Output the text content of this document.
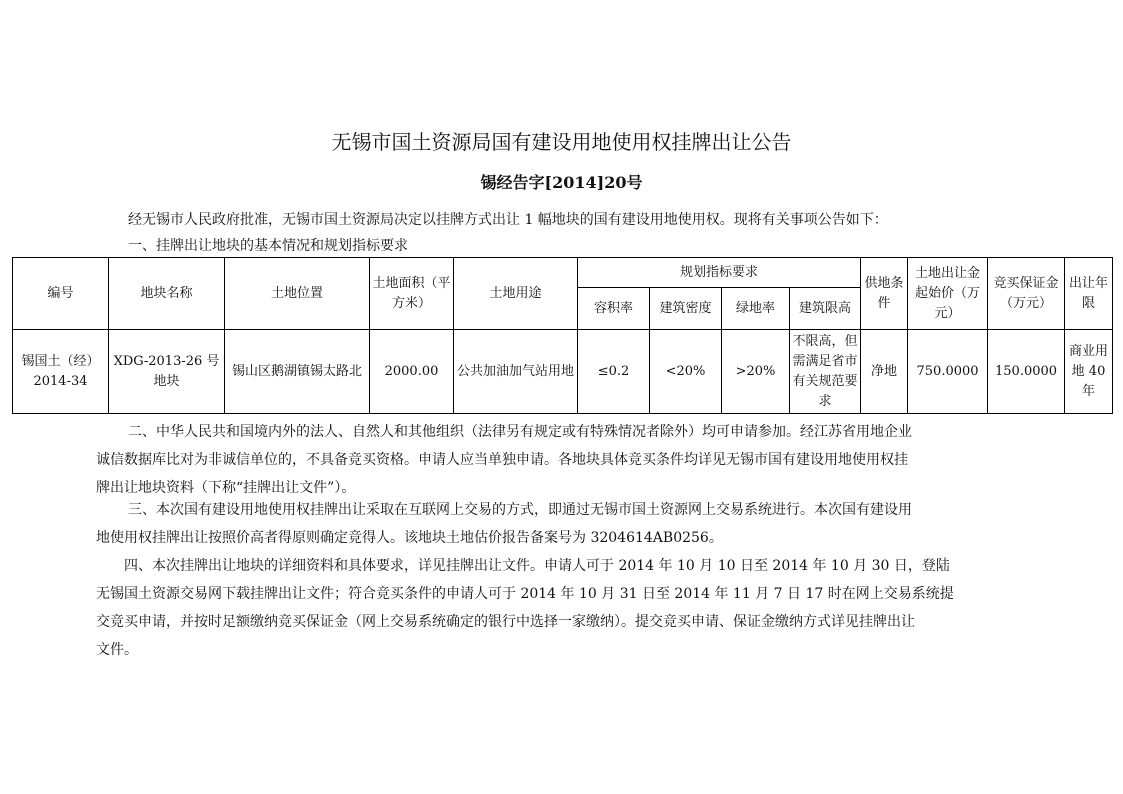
无锡市国土资源局国有建设用地使用权挂牌出让公告
锡经告字[2014]20号
经无锡市人民政府批准，无锡市国土资源局决定以挂牌方式出让 1 幅地块的国有建设用地使用权。现将有关事项公告如下：
一、挂牌出让地块的基本情况和规划指标要求
编号	地块名称	土地位置	土地面积（平方米）	土地用途	规划指标要求				供地条件	土地出让金起始价（万元）	竞买保证金（万元）	出让年限
					容积率	建筑密度	绿地率	建筑限高				
锡国土（经）2014-34	XDG-2013-26 号地块	锡山区鹅湖镇锡太路北	2000.00	公共加油加气站用地	≤0.2	<20%	>20%	不限高，但需满足省市有关规范要求	净地	750.0000	150.0000	商业用地 40 年
二、中华人民共和国境内外的法人、自然人和其他组织（法律另有规定或有特殊情况者除外）均可申请参加。经江苏省用地企业
诚信数据库比对为非诚信单位的，不具备竞买资格。申请人应当单独申请。各地块具体竞买条件均详见无锡市国有建设用地使用权挂
牌出让地块资料（下称“挂牌出让文件”）。
三、本次国有建设用地使用权挂牌出让采取在互联网上交易的方式，即通过无锡市国土资源网上交易系统进行。本次国有建设用
地使用权挂牌出让按照价高者得原则确定竞得人。该地块土地估价报告备案号为 3204614AB0256。
四、本次挂牌出让地块的详细资料和具体要求，详见挂牌出让文件。申请人可于 2014 年 10 月 10 日至 2014 年 10 月 30 日，登陆
无锡国土资源交易网下载挂牌出让文件；符合竞买条件的申请人可于 2014 年 10 月 31 日至 2014 年 11 月 7 日 17 时在网上交易系统提
交竞买申请，并按时足额缴纳竞买保证金（网上交易系统确定的银行中选择一家缴纳）。提交竞买申请、保证金缴纳方式详见挂牌出让
文件。
